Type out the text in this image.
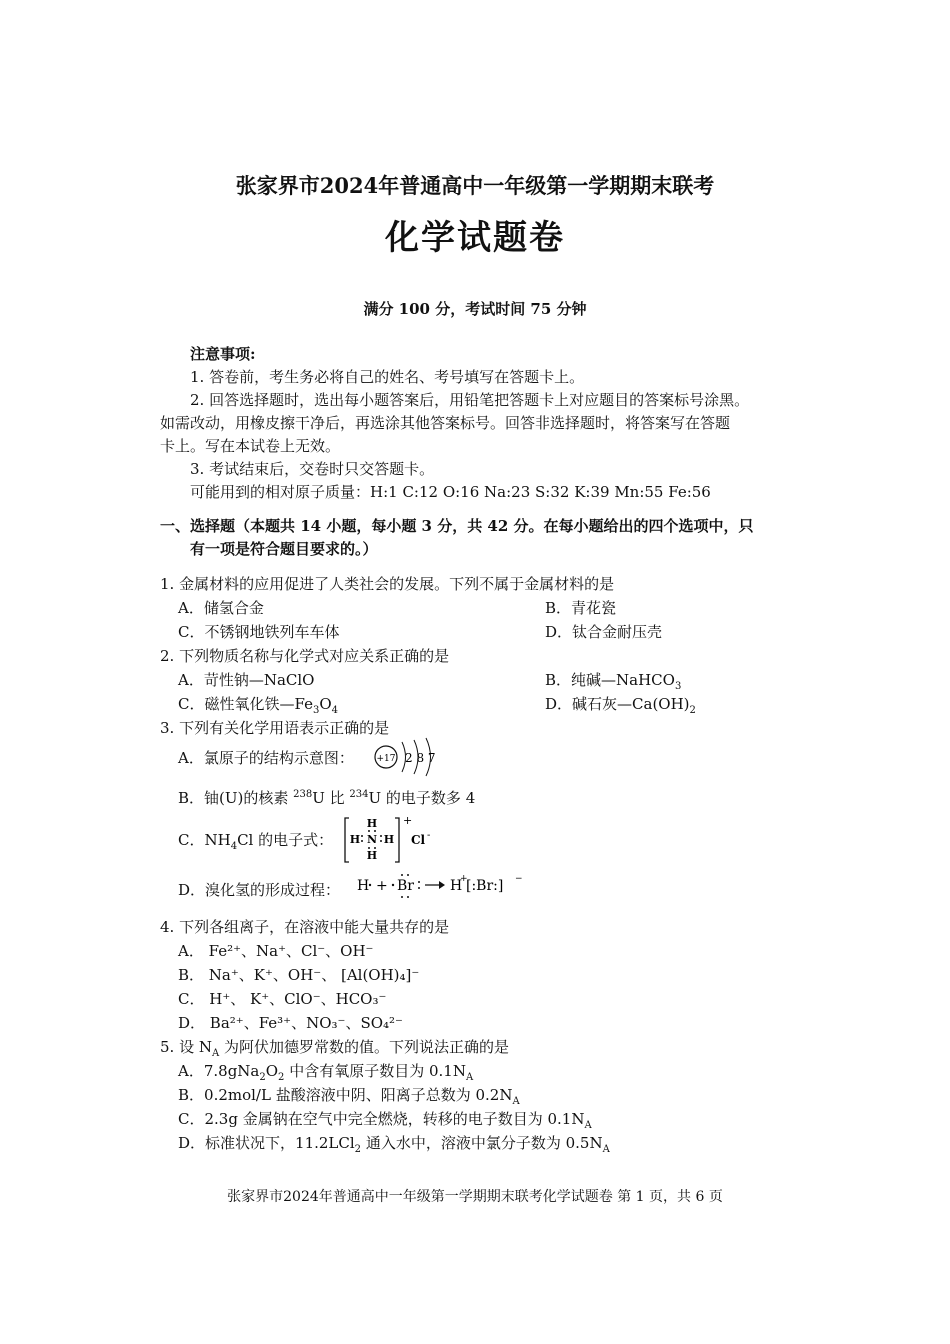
张家界市2024年普通高中一年级第一学期期末联考
化学试题卷
满分 100 分，考试时间 75 分钟
注意事项:
1. 答卷前，考生务必将自己的姓名、考号填写在答题卡上。
2. 回答选择题时，选出每小题答案后，用铅笔把答题卡上对应题目的答案标号涂黑。
如需改动，用橡皮擦干净后，再选涂其他答案标号。回答非选择题时，将答案写在答题
卡上。写在本试卷上无效。
3. 考试结束后，交卷时只交答题卡。
可能用到的相对原子质量：H:1 C:12 O:16 Na:23 S:32 K:39 Mn:55 Fe:56
一、选择题（本题共 14 小题，每小题 3 分，共 42 分。在每小题给出的四个选项中，只
有一项是符合题目要求的。）
1. 金属材料的应用促进了人类社会的发展。下列不属于金属材料的是
A．储氢合金	B．青花瓷
C．不锈钢地铁列车车体	D．钛合金耐压壳
2. 下列物质名称与化学式对应关系正确的是
A．苛性钠—NaClO	B．纯碱—NaHCO$_3$
C．磁性氧化铁$—Fe_3O_4$	D．碱石灰$—Ca(OH)_2$
3. 下列有关化学用语表示正确的是
A．氯原子的结构示意图：	+17 2 8 7
B．铀(U)的核素 $^{238}$U 比 $^{234}$U 的电子数多 4
C．$NH_4Cl$ 的电子式：
H
H N H
H
+
Cl -
D．溴化氢的形成过程： H + Br	H
+
[:Br:] −
4. 下列各组离子，在溶液中能大量共存的是
A． Fe²⁺、Na⁺、Cl⁻、OH⁻
B． Na⁺、K⁺、OH⁻、 [Al(OH)₄]⁻
C． H⁺、 K⁺、ClO⁻、HCO₃⁻
D． Ba²⁺、Fe³⁺、NO₃⁻、SO₄²⁻
5. 设 $N_A$ 为阿伏加德罗常数的值。下列说法正确的是
A．$7.8gNa_2O_2$ 中含有氧原子数目为 $0.1N_A$
B．0.2mol/L 盐酸溶液中阴、阳离子总数为 $0.2N_A$
C．2.3g 金属钠在空气中完全燃烧，转移的电子数目为 $0.1N_A$
D．标准状况下，11.2LCl$_2$ 通入水中，溶液中氯分子数为 $0.5N_A$
张家界市2024年普通高中一年级第一学期期末联考化学试题卷 第 1 页，共 6 页
